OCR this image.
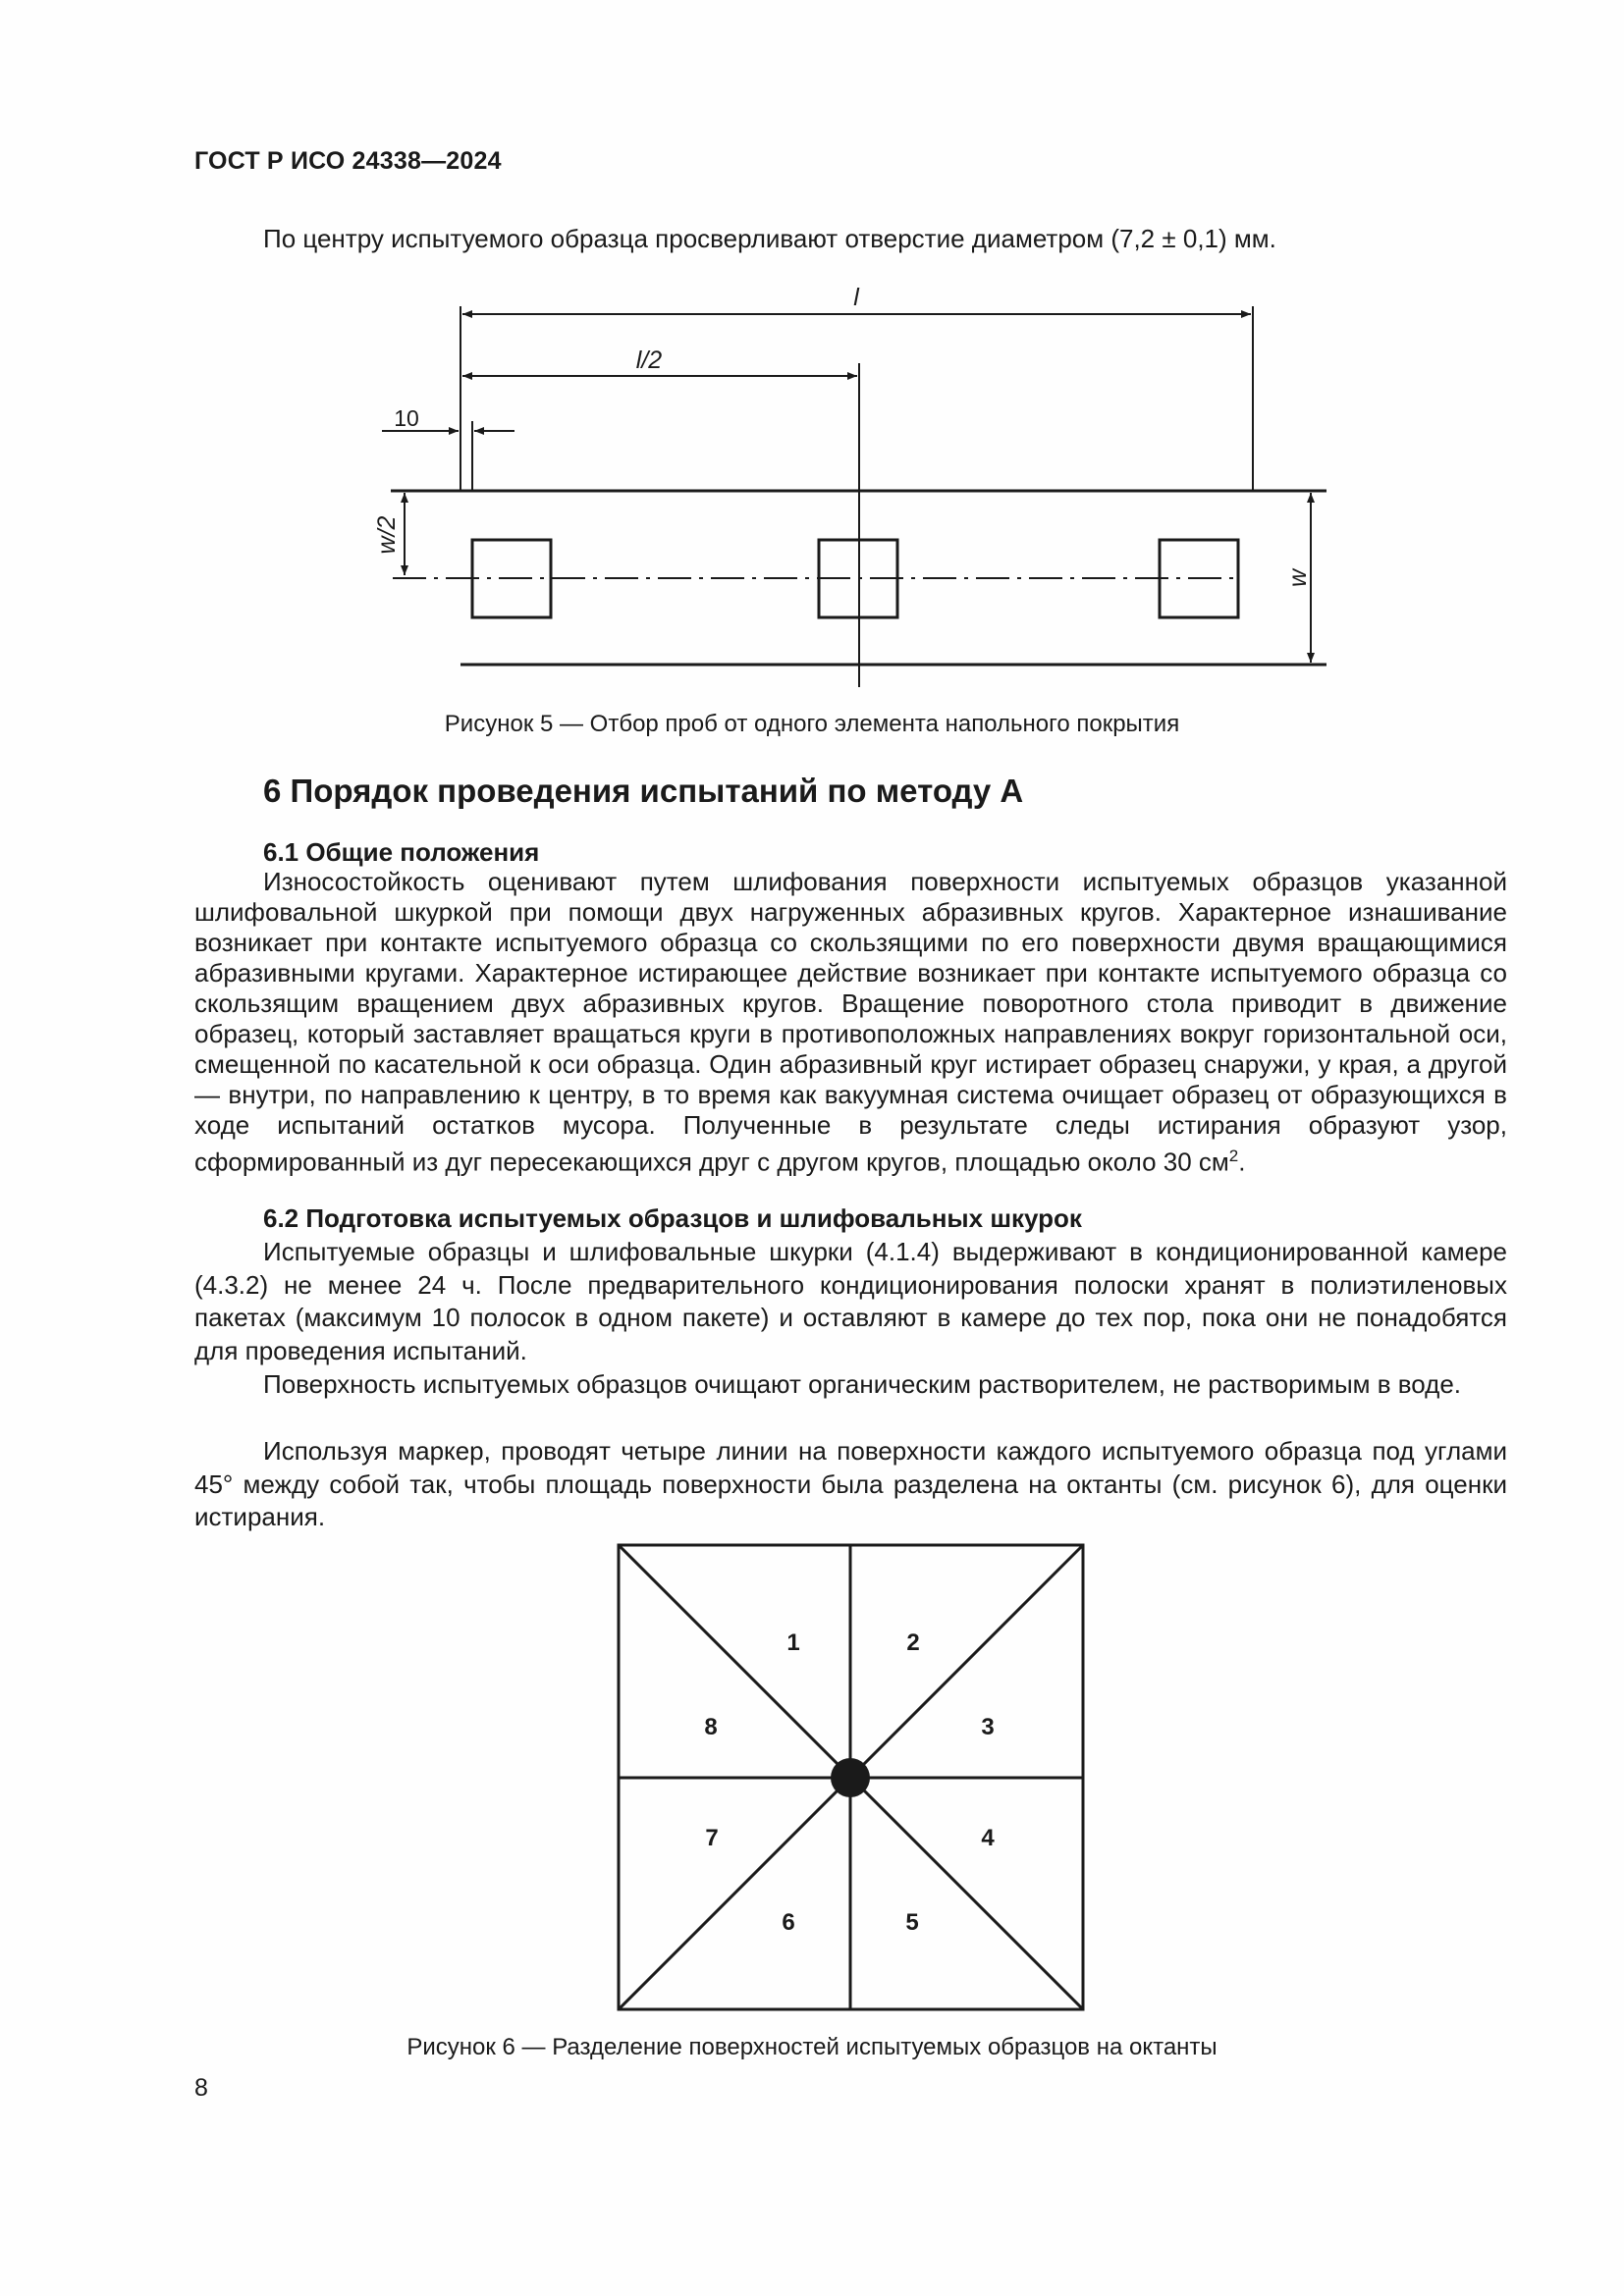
ГОСТ Р ИСО 24338—2024

По центру испытуемого образца просверливают отверстие диаметром (7,2 ± 0,1) мм.

l
l/2
w/2
w
10
Рисунок 5 — Отбор проб от одного элемента напольного покрытия
6 Порядок проведения испытаний по методу А
6.1 Общие положения

Износостойкость оценивают путем шлифования поверхности испытуемых образцов указанной шлифовальной шкуркой при помощи двух нагруженных абразивных кругов. Характерное изнашивание возникает при контакте испытуемого образца со скользящими по его поверхности двумя вращающимися абразивными кругами. Характерное истирающее действие возникает при контакте испытуемого образца со скользящим вращением двух абразивных кругов. Вращение поворотного стола приводит в движение образец, который заставляет вращаться круги в противоположных направлениях вокруг горизонтальной оси, смещенной по касательной к оси образца. Один абразивный круг истирает образец снаружи, у края, а другой — внутри, по направлению к центру, в то время как вакуумная система очищает образец от образующихся в ходе испытаний остатков мусора. Полученные в результате следы истирания образуют узор, сформированный из дуг пересекающихся друг с другом кругов, площадью около 30 $см^2$.

6.2 Подготовка испытуемых образцов и шлифовальных шкурок

Испытуемые образцы и шлифовальные шкурки (4.1.4) выдерживают в кондиционированной камере (4.3.2) не менее 24 ч. После предварительного кондиционирования полоски хранят в полиэтиленовых пакетах (максимум 10 полосок в одном пакете) и оставляют в камере до тех пор, пока они не понадобятся для проведения испытаний.

Поверхность испытуемых образцов очищают органическим растворителем, не растворимым в воде.

Используя маркер, проводят четыре линии на поверхности каждого испытуемого образца под углами 45° между собой так, чтобы площадь поверхности была разделена на октанты (см. рисунок 6), для оценки истирания.

1	2
3
4
5
6
7
8
Рисунок 6 — Разделение поверхностей испытуемых образцов на октанты
8
